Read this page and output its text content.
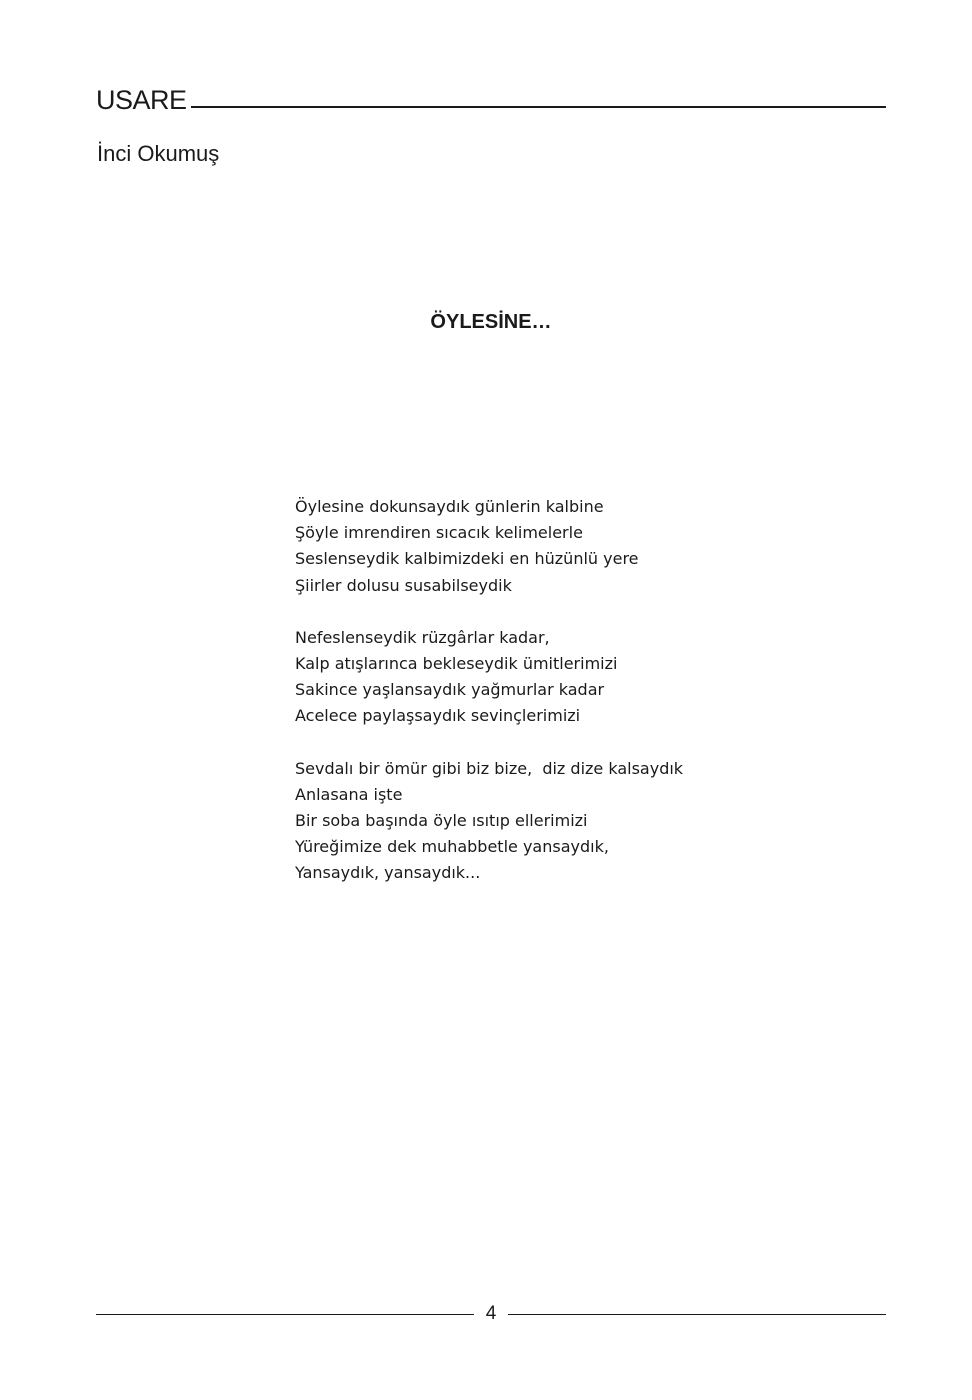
USARE
İnci Okumuş
ÖYLESİNE…
Öylesine dokunsaydık günlerin kalbine
Şöyle imrendiren sıcacık kelimelerle
Seslenseydik kalbimizdeki en hüzünlü yere
Şiirler dolusu susabilseydik
Nefeslenseydik rüzgârlar kadar,
Kalp atışlarınca bekleseydik ümitlerimizi
Sakince yaşlansaydık yağmurlar kadar
Acelece paylaşsaydık sevinçlerimizi
Sevdalı bir ömür gibi biz bize,  diz dize kalsaydık
Anlasana işte
Bir soba başında öyle ısıtıp ellerimizi
Yüreğimize dek muhabbetle yansaydık,
Yansaydık, yansaydık...
4
